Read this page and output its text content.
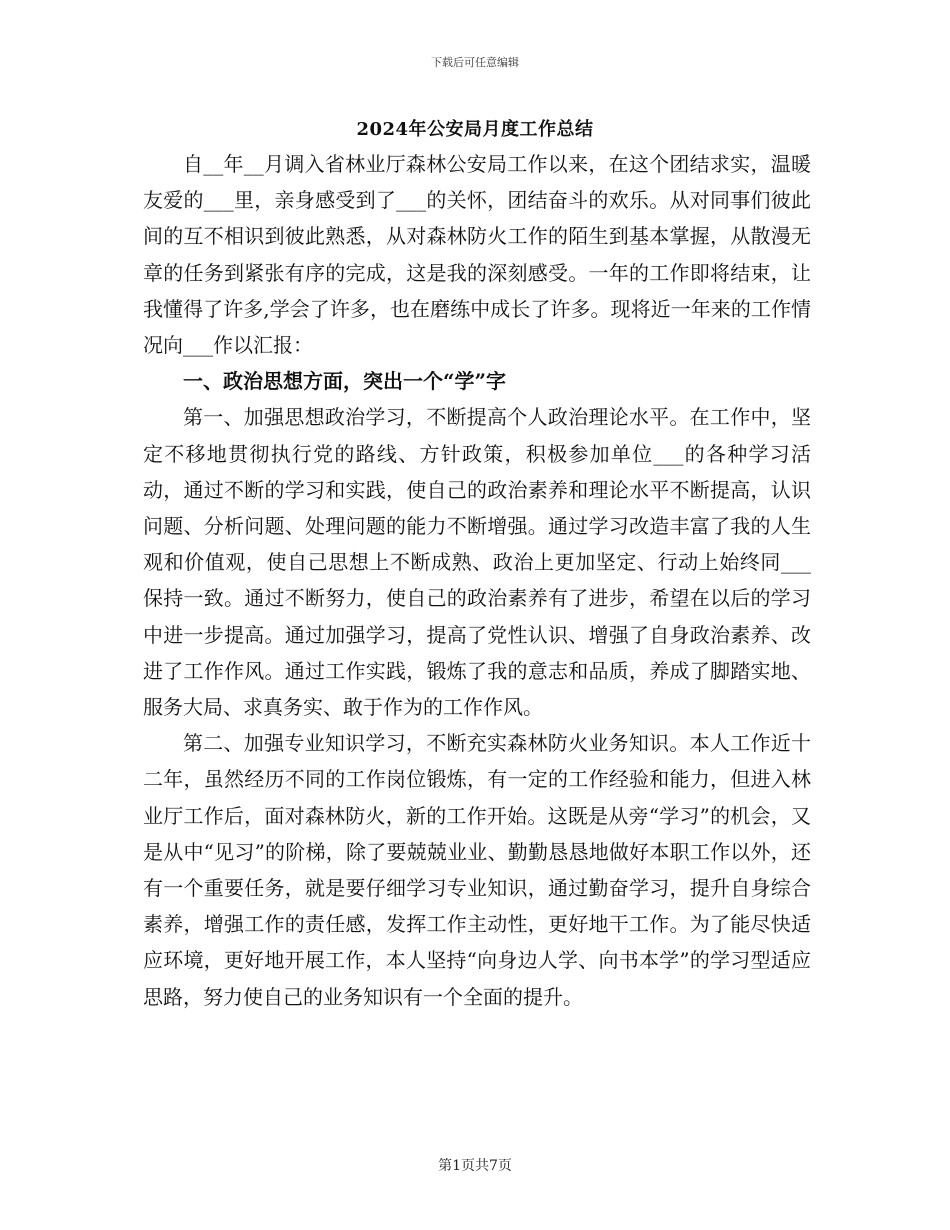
下载后可任意编辑
2024年公安局月度工作总结

自__年__月调入省林业厅森林公安局工作以来，在这个团结求实，温暖友爱的___里，亲身感受到了___的关怀，团结奋斗的欢乐。从对同事们彼此间的互不相识到彼此熟悉，从对森林防火工作的陌生到基本掌握，从散漫无章的任务到紧张有序的完成，这是我的深刻感受。一年的工作即将结束，让我懂得了许多,学会了许多，也在磨练中成长了许多。现将近一年来的工作情况向___作以汇报：

一、政治思想方面，突出一个“学”字

第一、加强思想政治学习，不断提高个人政治理论水平。在工作中，坚定不移地贯彻执行党的路线、方针政策，积极参加单位___的各种学习活动，通过不断的学习和实践，使自己的政治素养和理论水平不断提高，认识问题、分析问题、处理问题的能力不断增强。通过学习改造丰富了我的人生观和价值观，使自己思想上不断成熟、政治上更加坚定、行动上始终同___保持一致。通过不断努力，使自己的政治素养有了进步，希望在以后的学习中进一步提高。通过加强学习，提高了党性认识、增强了自身政治素养、改进了工作作风。通过工作实践，锻炼了我的意志和品质，养成了脚踏实地、服务大局、求真务实、敢于作为的工作作风。

第二、加强专业知识学习，不断充实森林防火业务知识。本人工作近十二年，虽然经历不同的工作岗位锻炼，有一定的工作经验和能力，但进入林业厅工作后，面对森林防火，新的工作开始。这既是从旁“学习”的机会，又是从中“见习”的阶梯，除了要兢兢业业、勤勤恳恳地做好本职工作以外，还有一个重要任务，就是要仔细学习专业知识，通过勤奋学习，提升自身综合素养，增强工作的责任感，发挥工作主动性，更好地干工作。为了能尽快适应环境，更好地开展工作，本人坚持“向身边人学、向书本学”的学习型适应思路，努力使自己的业务知识有一个全面的提升。

第1页共7页
